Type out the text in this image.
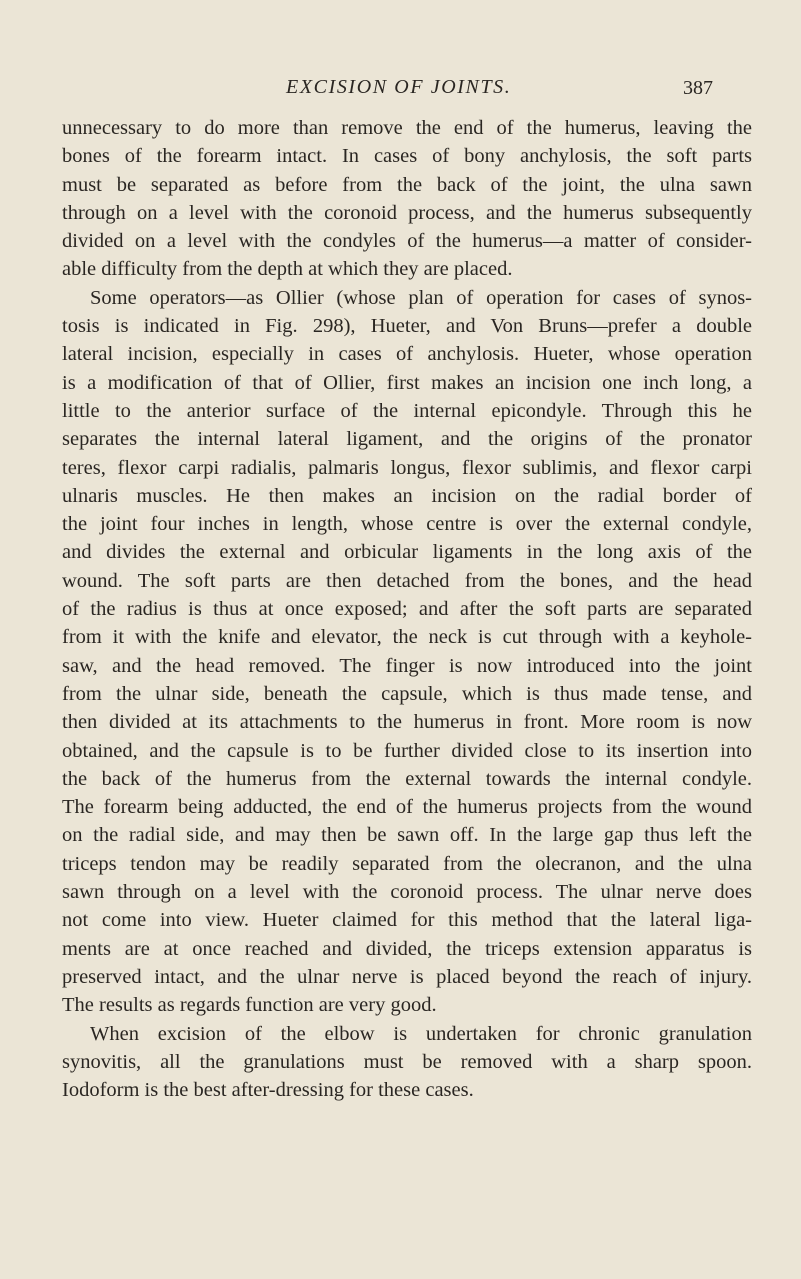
EXCISION OF JOINTS.	387
unnecessary to do more than remove the end of the humerus, leaving the
bones of the forearm intact. In cases of bony anchylosis, the soft parts
must be separated as before from the back of the joint, the ulna sawn
through on a level with the coronoid process, and the humerus subsequently
divided on a level with the condyles of the humerus—a matter of consider-
able difficulty from the depth at which they are placed.
Some operators—as Ollier (whose plan of operation for cases of synos-
tosis is indicated in Fig. 298), Hueter, and Von Bruns—prefer a double
lateral incision, especially in cases of anchylosis. Hueter, whose operation
is a modification of that of Ollier, first makes an incision one inch long, a
little to the anterior surface of the internal epicondyle. Through this he
separates the internal lateral ligament, and the origins of the pronator
teres, flexor carpi radialis, palmaris longus, flexor sublimis, and flexor carpi
ulnaris muscles. He then makes an incision on the radial border of
the joint four inches in length, whose centre is over the external condyle,
and divides the external and orbicular ligaments in the long axis of the
wound. The soft parts are then detached from the bones, and the head
of the radius is thus at once exposed; and after the soft parts are separated
from it with the knife and elevator, the neck is cut through with a keyhole-
saw, and the head removed. The finger is now introduced into the joint
from the ulnar side, beneath the capsule, which is thus made tense, and
then divided at its attachments to the humerus in front. More room is now
obtained, and the capsule is to be further divided close to its insertion into
the back of the humerus from the external towards the internal condyle.
The forearm being adducted, the end of the humerus projects from the wound
on the radial side, and may then be sawn off. In the large gap thus left the
triceps tendon may be readily separated from the olecranon, and the ulna
sawn through on a level with the coronoid process. The ulnar nerve does
not come into view. Hueter claimed for this method that the lateral liga-
ments are at once reached and divided, the triceps extension apparatus is
preserved intact, and the ulnar nerve is placed beyond the reach of injury.
The results as regards function are very good.
When excision of the elbow is undertaken for chronic granulation
synovitis, all the granulations must be removed with a sharp spoon.
Iodoform is the best after-dressing for these cases.
